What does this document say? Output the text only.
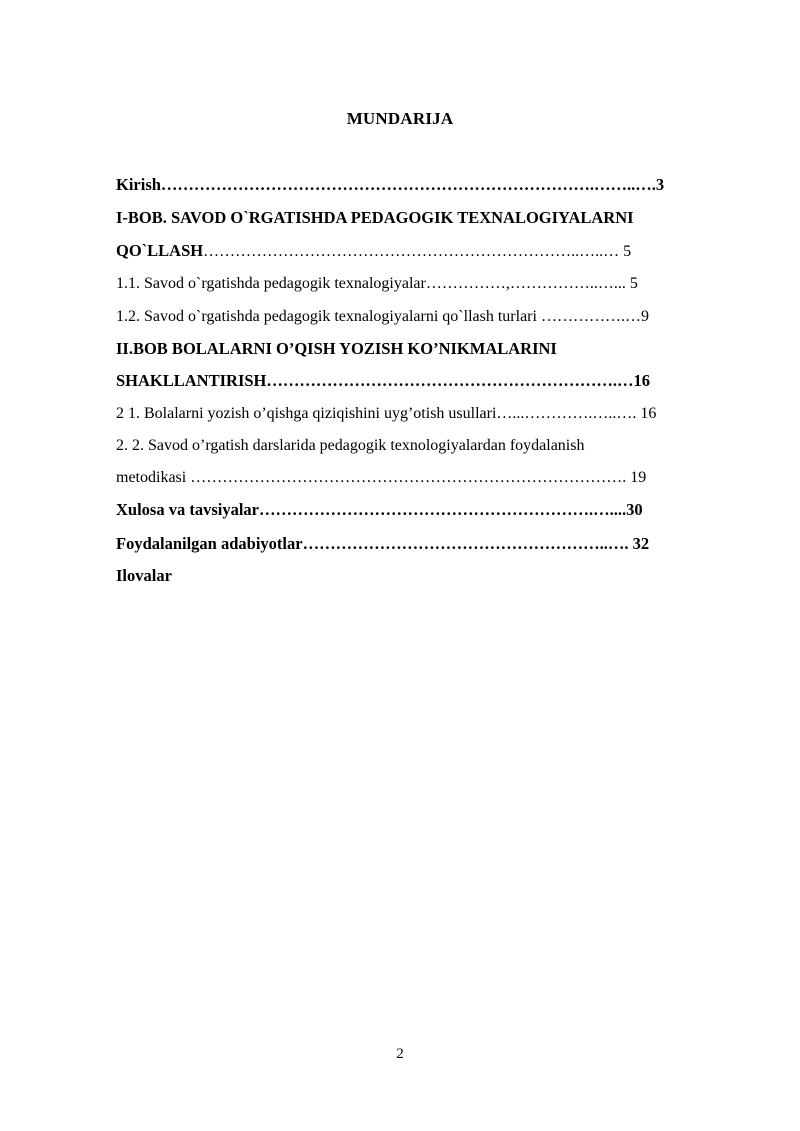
MUNDARIJA
Kirish…………………………………………………………………….……..….3
I-BOB. SAVOD O`RGATISHDA PEDAGOGIK TEXNALOGIYALARNI
QO`LLASH……………………………………………………………..…..… 5
1.1. Savod o`rgatishda pedagogik texnalogiyalar……………,……………..…... 5
1.2. Savod o`rgatishda pedagogik texnalogiyalarni qo`llash turlari …………….…9
II.BOB BOLALARNI O’QISH YOZISH KO’NIKMALARINI
SHAKLLANTIRISH……………………………………………………….…16
2 1. Bolalarni yozish o’qishga qiziqishini uyg’otish usullari…...………….…..…. 16
2. 2. Savod o’rgatish darslarida pedagogik texnologiyalardan foydalanish
metodikasi ………………………………………………………………………. 19
Xulosa va tavsiyalar…………………………………………………….…....30
Foydalanilgan adabiyotlar………………………………………………..…. 32
Ilovalar
2
